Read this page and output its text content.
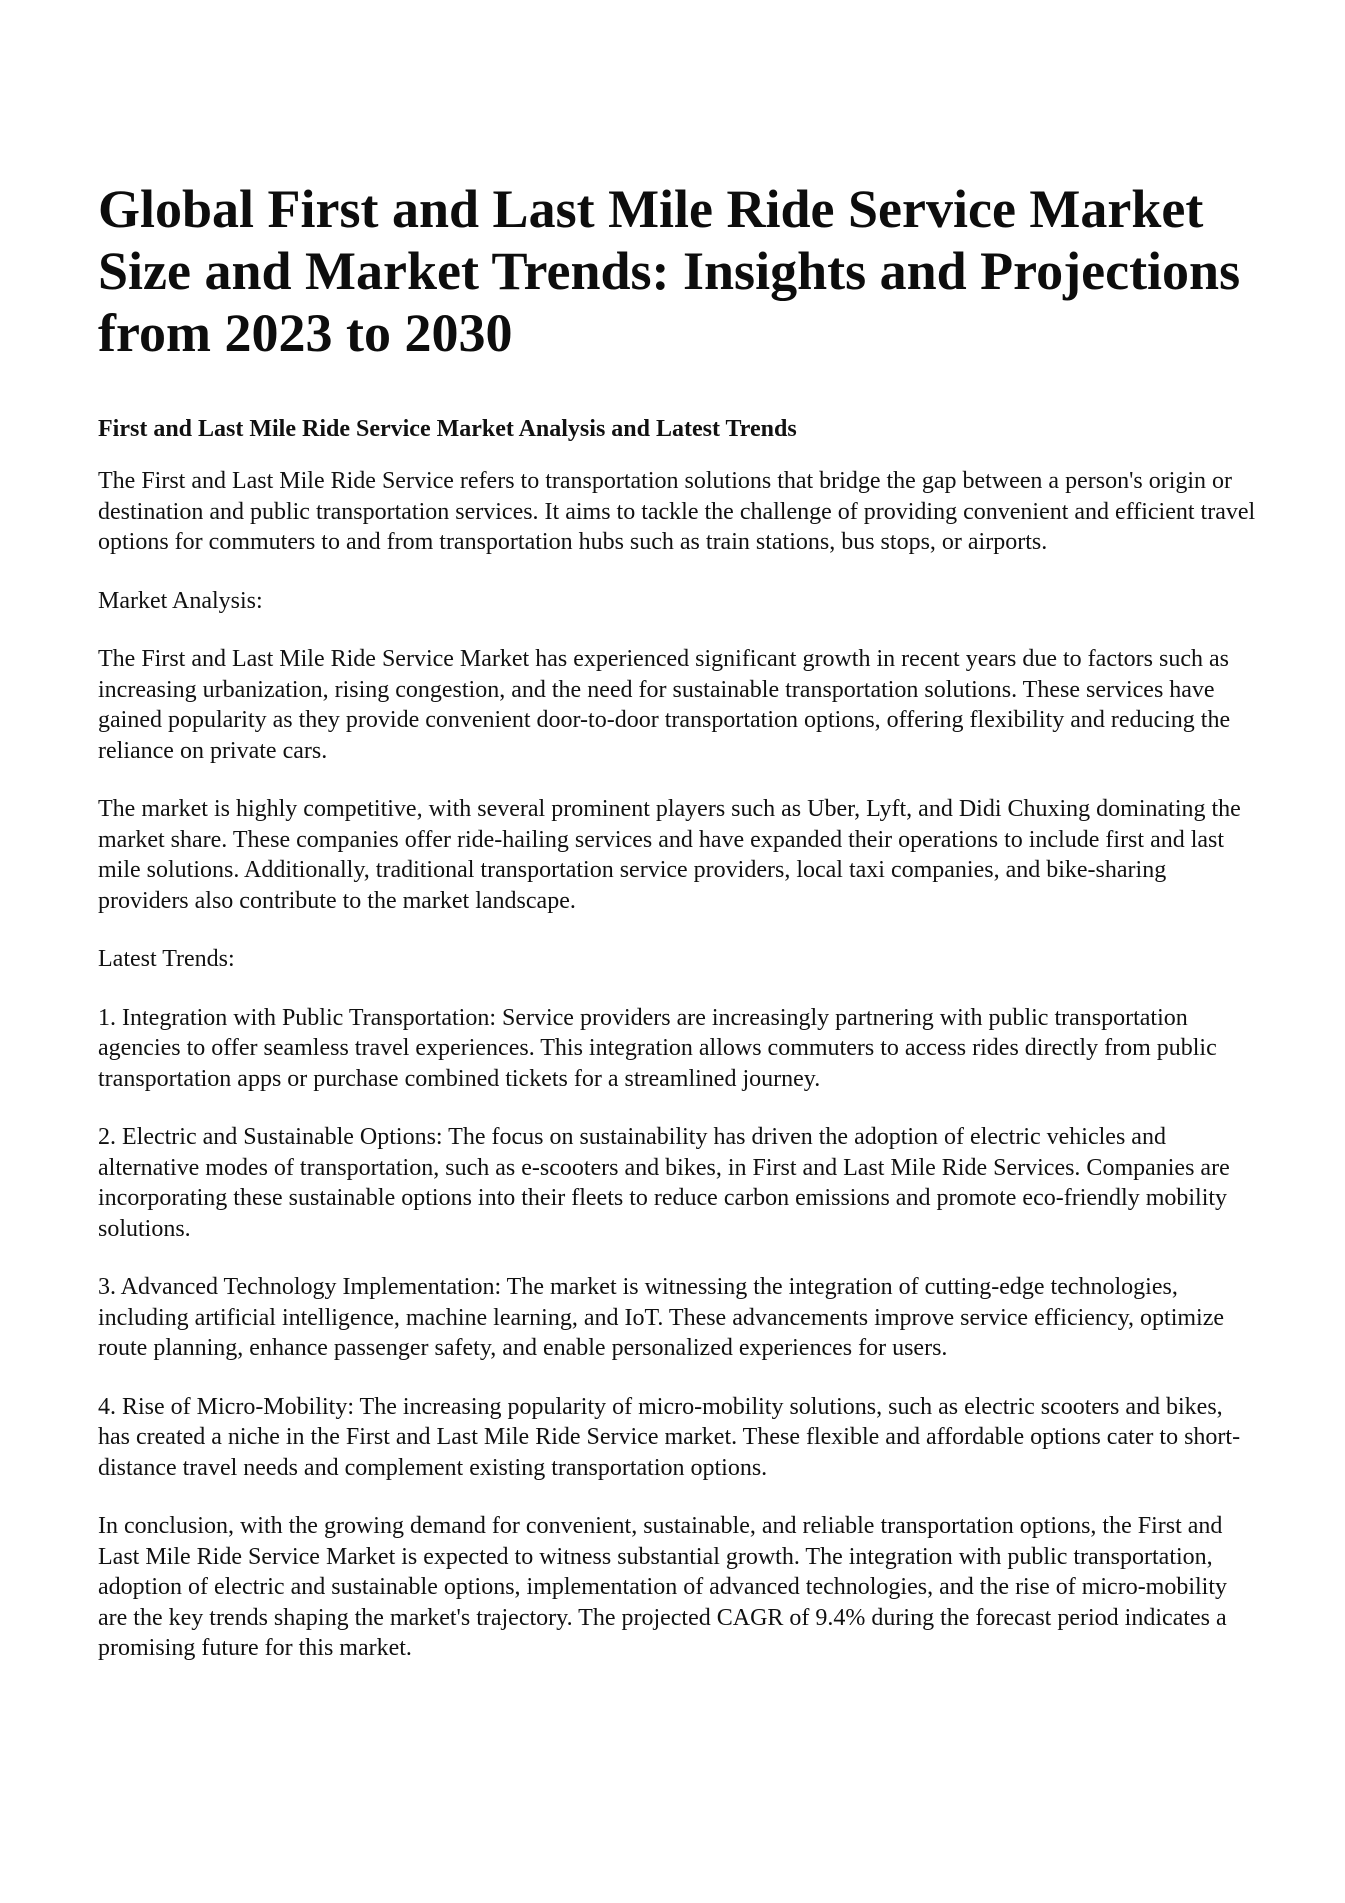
Global First and Last Mile Ride Service Market Size and Market Trends: Insights and Projections from 2023 to 2030
First and Last Mile Ride Service Market Analysis and Latest Trends

The First and Last Mile Ride Service refers to transportation solutions that bridge the gap between a person's origin or destination and public transportation services. It aims to tackle the challenge of providing convenient and efficient travel options for commuters to and from transportation hubs such as train stations, bus stops, or airports.

Market Analysis:

The First and Last Mile Ride Service Market has experienced significant growth in recent years due to factors such as increasing urbanization, rising congestion, and the need for sustainable transportation solutions. These services have gained popularity as they provide convenient door-to-door transportation options, offering flexibility and reducing the reliance on private cars.

The market is highly competitive, with several prominent players such as Uber, Lyft, and Didi Chuxing dominating the market share. These companies offer ride-hailing services and have expanded their operations to include first and last mile solutions. Additionally, traditional transportation service providers, local taxi companies, and bike-sharing providers also contribute to the market landscape.

Latest Trends:

1. Integration with Public Transportation: Service providers are increasingly partnering with public transportation agencies to offer seamless travel experiences. This integration allows commuters to access rides directly from public transportation apps or purchase combined tickets for a streamlined journey.

2. Electric and Sustainable Options: The focus on sustainability has driven the adoption of electric vehicles and alternative modes of transportation, such as e-scooters and bikes, in First and Last Mile Ride Services. Companies are incorporating these sustainable options into their fleets to reduce carbon emissions and promote eco-friendly mobility solutions.

3. Advanced Technology Implementation: The market is witnessing the integration of cutting-edge technologies, including artificial intelligence, machine learning, and IoT. These advancements improve service efficiency, optimize route planning, enhance passenger safety, and enable personalized experiences for users.

4. Rise of Micro-Mobility: The increasing popularity of micro-mobility solutions, such as electric scooters and bikes, has created a niche in the First and Last Mile Ride Service market. These flexible and affordable options cater to short-distance travel needs and complement existing transportation options.

In conclusion, with the growing demand for convenient, sustainable, and reliable transportation options, the First and Last Mile Ride Service Market is expected to witness substantial growth. The integration with public transportation, adoption of electric and sustainable options, implementation of advanced technologies, and the rise of micro-mobility are the key trends shaping the market's trajectory. The projected CAGR of 9.4% during the forecast period indicates a promising future for this market.
